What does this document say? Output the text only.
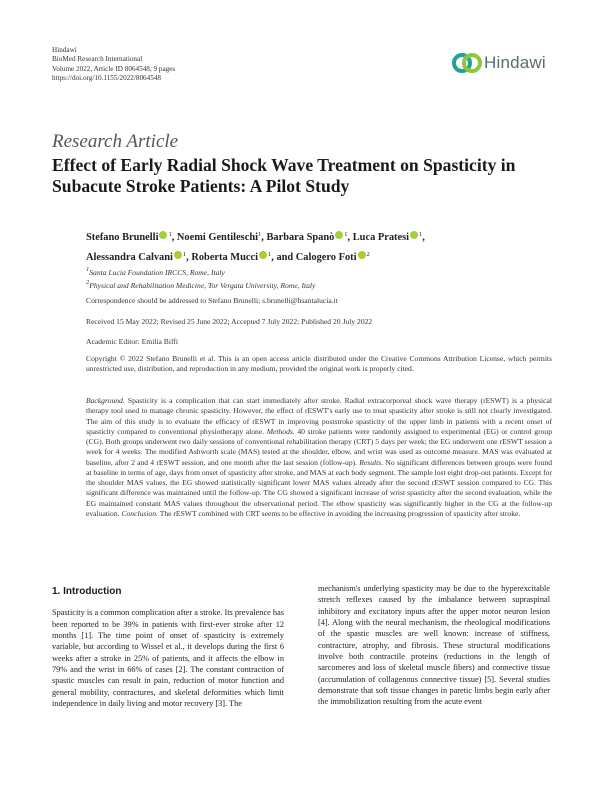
Hindawi
BioMed Research International
Volume 2022, Article ID 8064548, 9 pages
https://doi.org/10.1155/2022/8064548
Hindawi
Research Article
Effect of Early Radial Shock Wave Treatment on Spasticity in Subacute Stroke Patients: A Pilot Study
Stefano Brunelli $^1$, Noemi Gentileschi$^1$, Barbara Spanò $^1$, Luca Pratesi $^1$,
Alessandra Calvani $^1$, Roberta Mucci $^1$, and Calogero Foti $^2$
1Santa Lucia Foundation IRCCS, Rome, Italy
2Physical and Rehabilitation Medicine, Tor Vergata University, Rome, Italy
Correspondence should be addressed to Stefano Brunelli; s.brunelli@hsantalucia.it
Received 15 May 2022; Revised 25 June 2022; Accepted 7 July 2022; Published 20 July 2022
Academic Editor: Emilia Biffi
Copyright © 2022 Stefano Brunelli et al. This is an open access article distributed under the Creative Commons Attribution License, which permits unrestricted use, distribution, and reproduction in any medium, provided the original work is properly cited.
Background. Spasticity is a complication that can start immediately after stroke. Radial extracorporeal shock wave therapy (rESWT) is a physical therapy tool used to manage chronic spasticity. However, the effect of rESWT's early use to treat spasticity after stroke is still not clearly investigated. The aim of this study is to evaluate the efficacy of rESWT in improving poststroke spasticity of the upper limb in patients with a recent onset of spasticity compared to conventional physiotherapy alone. Methods. 40 stroke patients were randomly assigned to experimental (EG) or control group (CG). Both groups underwent two daily sessions of conventional rehabilitation therapy (CRT) 5 days per week; the EG underwent one rESWT session a week for 4 weeks. The modified Ashworth scale (MAS) tested at the shoulder, elbow, and wrist was used as outcome measure. MAS was evaluated at baseline, after 2 and 4 rESWT session, and one month after the last session (follow-up). Results. No significant differences between groups were found at baseline in terms of age, days from onset of spasticity after stroke, and MAS at each body segment. The sample lost eight drop-out patients. Except for the shoulder MAS values, the EG showed statistically significant lower MAS values already after the second rESWT session compared to CG. This significant difference was maintained until the follow-up. The CG showed a significant increase of wrist spasticity after the second evaluation, while the EG maintained constant MAS values throughout the observational period. The elbow spasticity was significantly higher in the CG at the follow-up evaluation. Conclusion. The rESWT combined with CRT seems to be effective in avoiding the increasing progression of spasticity after stroke.
1. Introduction

Spasticity is a common complication after a stroke. Its prevalence has been reported to be 39% in patients with first-ever stroke after 12 months [1]. The time point of onset of spasticity is extremely variable, but according to Wissel et al., it develops during the first 6 weeks after a stroke in 25% of patients, and it affects the elbow in 79% and the wrist in 66% of cases [2]. The constant contraction of spastic muscles can result in pain, reduction of motor function and general mobility, contractures, and skeletal deformities which limit independence in daily living and motor recovery [3]. The

mechanism's underlying spasticity may be due to the hyperexcitable stretch reflexes caused by the imbalance between supraspinal inhibitory and excitatory inputs after the upper motor neuron lesion [4]. Along with the neural mechanism, the rheological modifications of the spastic muscles are well known: increase of stiffness, contracture, atrophy, and fibrosis. These structural modifications involve both contractile proteins (reductions in the length of sarcomeres and loss of skeletal muscle fibers) and connective tissue (accumulation of collagenous connective tissue) [5]. Several studies demonstrate that soft tissue changes in paretic limbs begin early after the immobilization resulting from the acute event
